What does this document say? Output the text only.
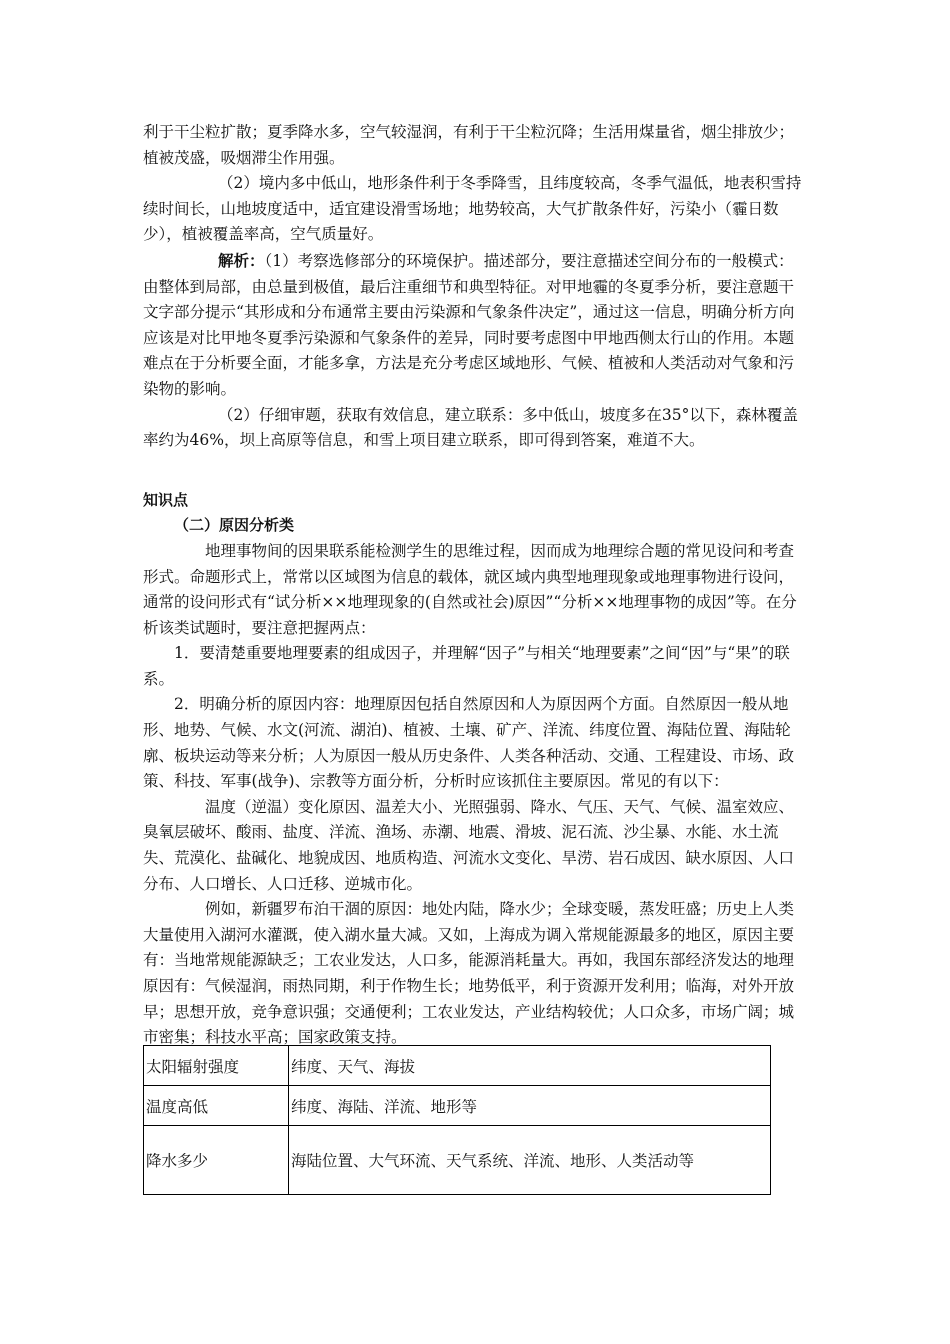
利于干尘粒扩散；夏季降水多，空气较湿润，有利于干尘粒沉降；生活用煤量省，烟尘排放少；植被茂盛，吸烟滞尘作用强。

（2）境内多中低山，地形条件利于冬季降雪，且纬度较高，冬季气温低，地表积雪持续时间长，山地坡度适中，适宜建设滑雪场地；地势较高，大气扩散条件好，污染小（霾日数少），植被覆盖率高，空气质量好。

解析：（1）考察选修部分的环境保护。描述部分，要注意描述空间分布的一般模式：由整体到局部，由总量到极值，最后注重细节和典型特征。对甲地霾的冬夏季分析，要注意题干文字部分提示“其形成和分布通常主要由污染源和气象条件决定”，通过这一信息，明确分析方向应该是对比甲地冬夏季污染源和气象条件的差异，同时要考虑图中甲地西侧太行山的作用。本题难点在于分析要全面，才能多拿，方法是充分考虑区域地形、气候、植被和人类活动对气象和污染物的影响。

（2）仔细审题，获取有效信息，建立联系：多中低山，坡度多在35°以下，森林覆盖率约为46%，坝上高原等信息，和雪上项目建立联系，即可得到答案，难道不大。

知识点

（二）原因分析类

地理事物间的因果联系能检测学生的思维过程，因而成为地理综合题的常见设问和考查形式。命题形式上，常常以区域图为信息的载体，就区域内典型地理现象或地理事物进行设问，通常的设问形式有“试分析××地理现象的(自然或社会)原因”“分析××地理事物的成因”等。在分析该类试题时，要注意把握两点：

1．要清楚重要地理要素的组成因子，并理解“因子”与相关“地理要素”之间“因”与“果”的联系。

2．明确分析的原因内容：地理原因包括自然原因和人为原因两个方面。自然原因一般从地形、地势、气候、水文(河流、湖泊)、植被、土壤、矿产、洋流、纬度位置、海陆位置、海陆轮廓、板块运动等来分析；人为原因一般从历史条件、人类各种活动、交通、工程建设、市场、政策、科技、军事(战争)、宗教等方面分析，分析时应该抓住主要原因。常见的有以下：

温度（逆温）变化原因、温差大小、光照强弱、降水、气压、天气、气候、温室效应、臭氧层破坏、酸雨、盐度、洋流、渔场、赤潮、地震、滑坡、泥石流、沙尘暴、水能、水土流失、荒漠化、盐碱化、地貌成因、地质构造、河流水文变化、旱涝、岩石成因、缺水原因、人口分布、人口增长、人口迁移、逆城市化。

例如，新疆罗布泊干涸的原因：地处内陆，降水少；全球变暖，蒸发旺盛；历史上人类大量使用入湖河水灌溉，使入湖水量大减。又如，上海成为调入常规能源最多的地区，原因主要有：当地常规能源缺乏；工农业发达，人口多，能源消耗量大。再如，我国东部经济发达的地理原因有：气候湿润，雨热同期，利于作物生长；地势低平，利于资源开发利用；临海，对外开放早；思想开放，竞争意识强；交通便利；工农业发达，产业结构较优；人口众多，市场广阔；城市密集；科技水平高；国家政策支持。

太阳辐射强度	纬度、天气、海拔
温度高低	纬度、海陆、洋流、地形等
降水多少	海陆位置、大气环流、天气系统、洋流、地形、人类活动等
